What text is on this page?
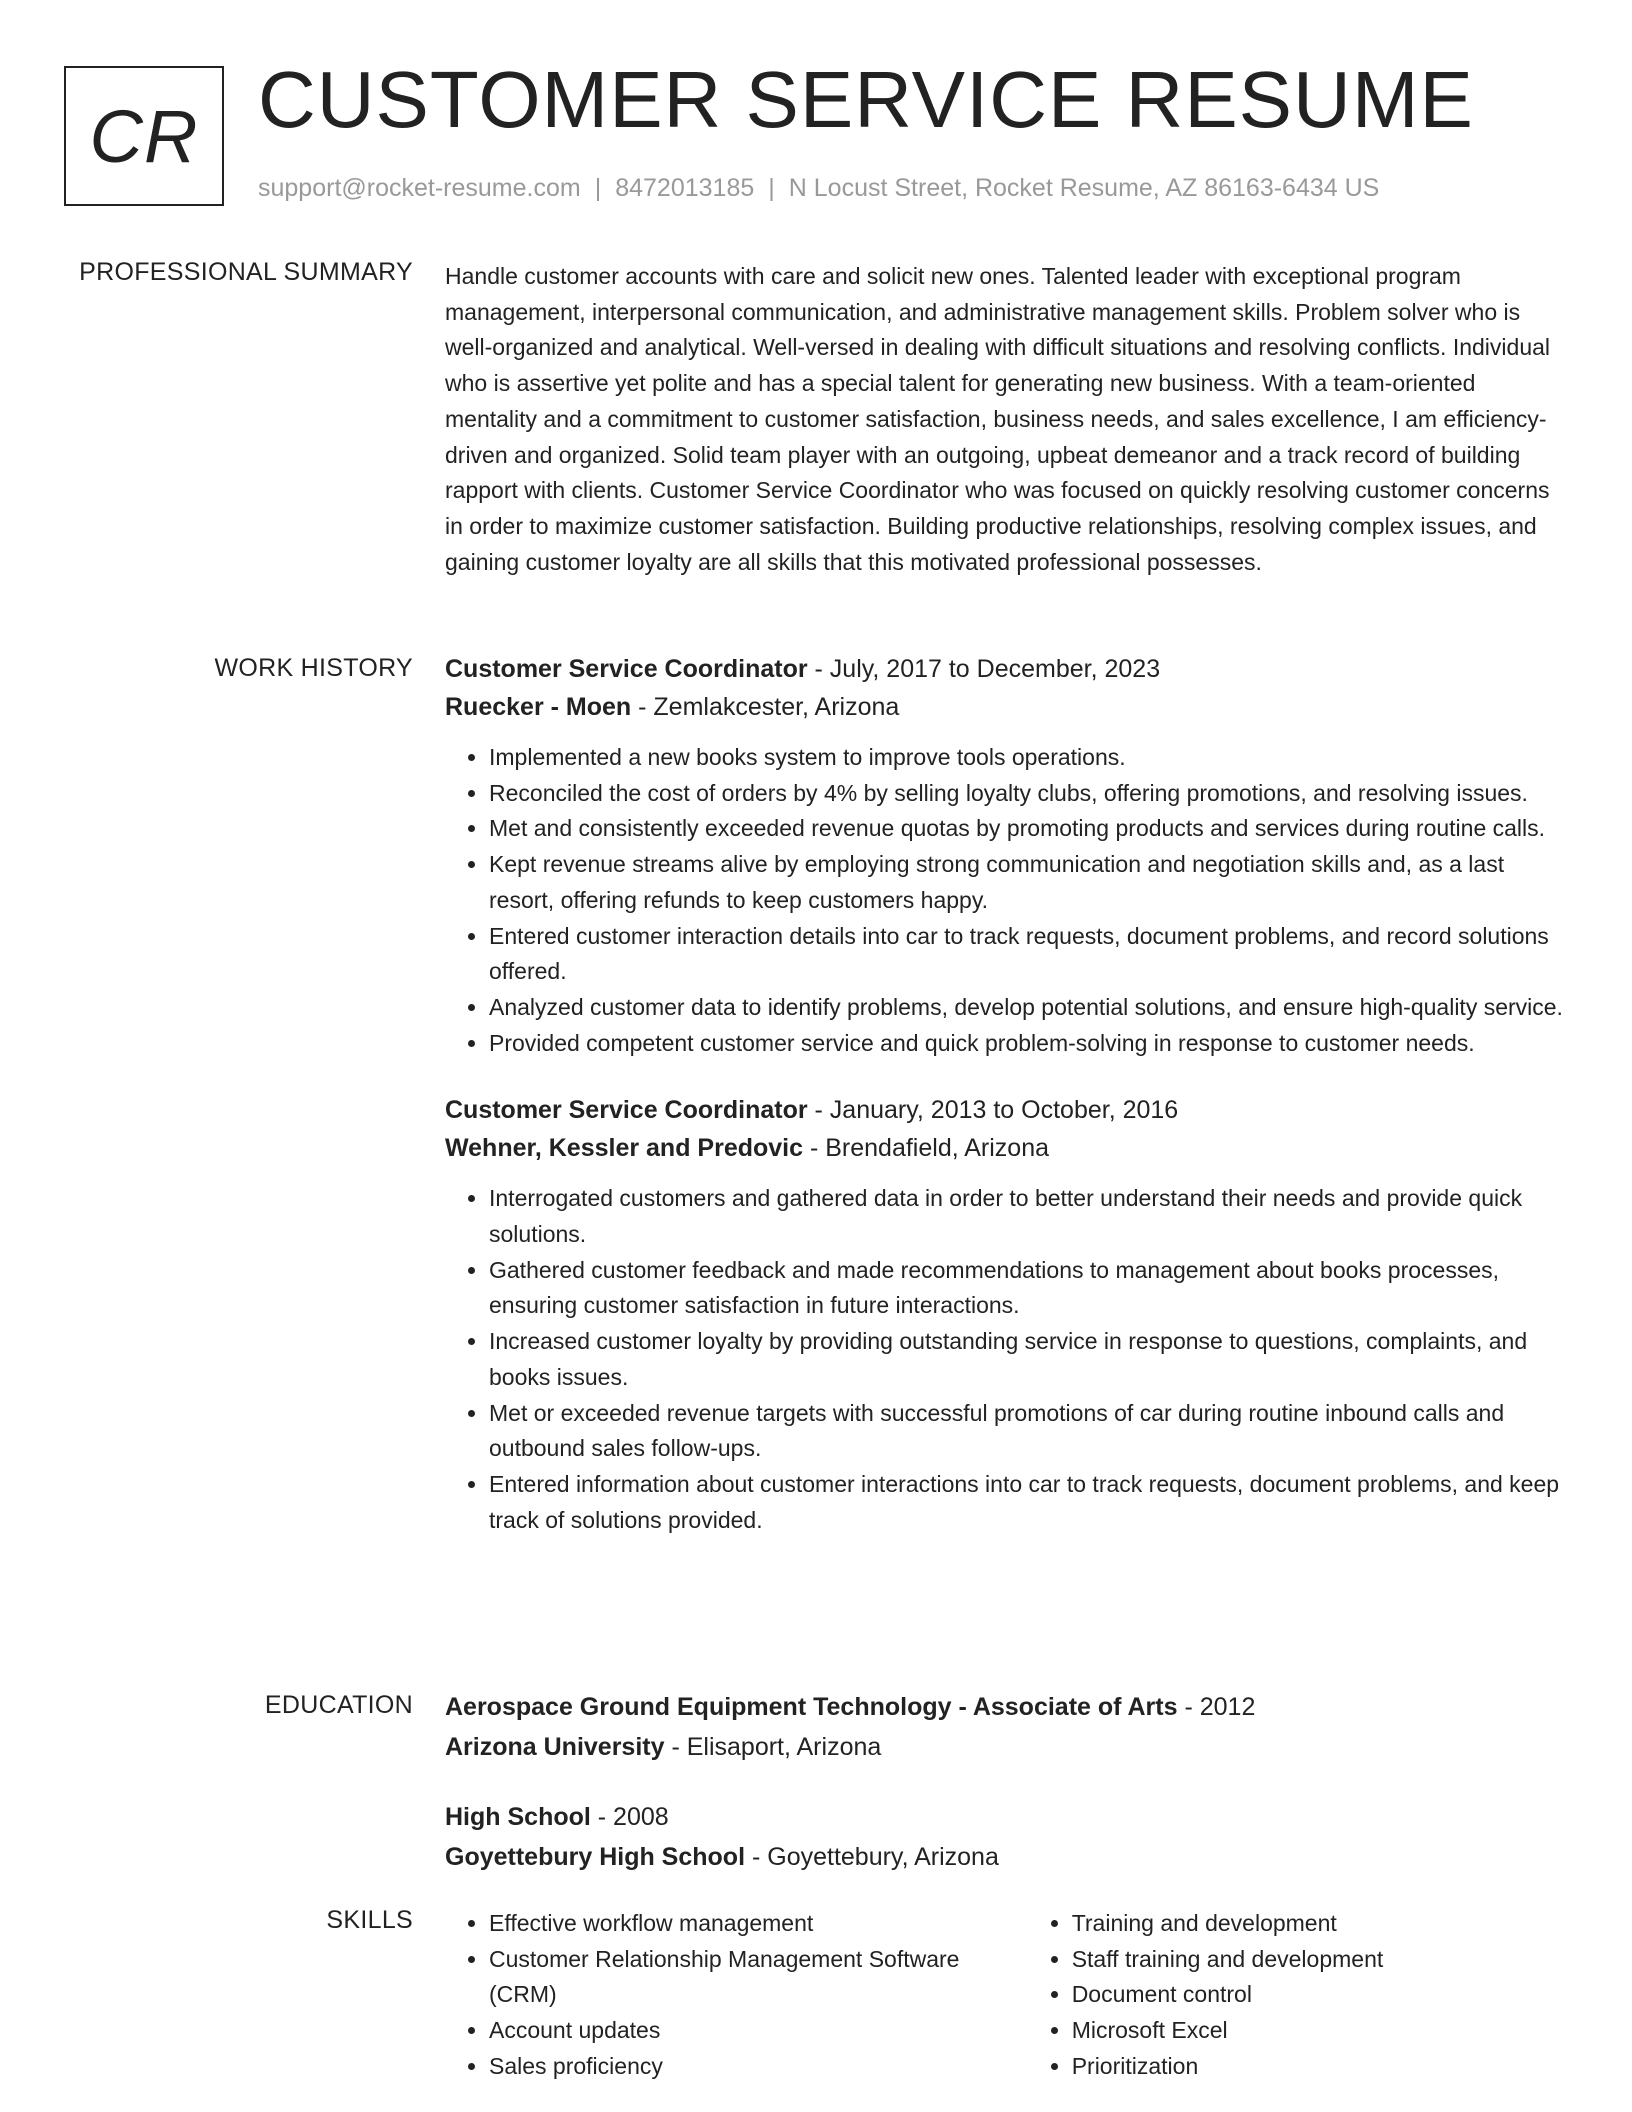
CR CUSTOMER SERVICE RESUME
support@rocket-resume.com | 8472013185 | N Locust Street, Rocket Resume, AZ 86163-6434 US
PROFESSIONAL SUMMARY Handle customer accounts with care and solicit new ones. Talented leader with exceptional program management, interpersonal communication, and administrative management skills. Problem solver who is well-organized and analytical. Well-versed in dealing with difficult situations and resolving conflicts. Individual who is assertive yet polite and has a special talent for generating new business. With a team-oriented mentality and a commitment to customer satisfaction, business needs, and sales excellence, I am efficiency-driven and organized. Solid team player with an outgoing, upbeat demeanor and a track record of building rapport with clients. Customer Service Coordinator who was focused on quickly resolving customer concerns in order to maximize customer satisfaction. Building productive relationships, resolving complex issues, and gaining customer loyalty are all skills that this motivated professional possesses.

WORK HISTORY Customer Service Coordinator - July, 2017 to December, 2023
Ruecker - Moen - Zemlakcester, Arizona
• Implemented a new books system to improve tools operations.
• Reconciled the cost of orders by 4% by selling loyalty clubs, offering promotions, and resolving issues.
• Met and consistently exceeded revenue quotas by promoting products and services during routine calls.
• Kept revenue streams alive by employing strong communication and negotiation skills and, as a last resort, offering refunds to keep customers happy.
• Entered customer interaction details into car to track requests, document problems, and record solutions offered.
• Analyzed customer data to identify problems, develop potential solutions, and ensure high-quality service.
• Provided competent customer service and quick problem-solving in response to customer needs.
Customer Service Coordinator - January, 2013 to October, 2016
Wehner, Kessler and Predovic - Brendafield, Arizona
• Interrogated customers and gathered data in order to better understand their needs and provide quick solutions.
• Gathered customer feedback and made recommendations to management about books processes, ensuring customer satisfaction in future interactions.
• Increased customer loyalty by providing outstanding service in response to questions, complaints, and books issues.
• Met or exceeded revenue targets with successful promotions of car during routine inbound calls and outbound sales follow-ups.
• Entered information about customer interactions into car to track requests, document problems, and keep track of solutions provided.
EDUCATION Aerospace Ground Equipment Technology - Associate of Arts - 2012
Arizona University - Elisaport, Arizona
High School - 2008
Goyettebury High School - Goyettebury, Arizona
SKILLS
•	Effective workflow management
• Customer Relationship Management Software (CRM)
• Account updates
• Sales proficiency
• Training and development
• Staff training and development
• Document control
• Microsoft Excel
• Prioritization
